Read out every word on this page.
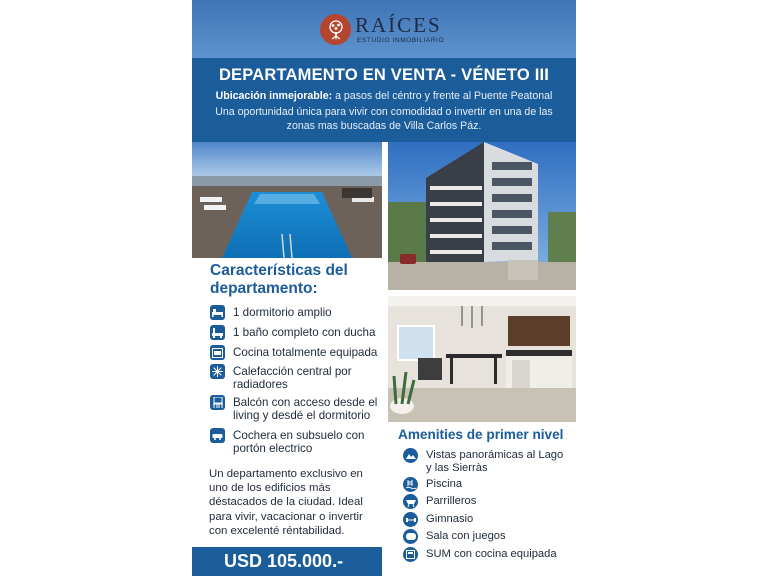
RAÍCES
ESTUDIO INMOBILIARIO
DEPARTAMENTO EN VENTA - VÉNETO III
Ubicación inmejorable: a pasos del céntro y frente al Puente Peatonal
Una oportunidad única para vivir con comodidad o invertir en una de las zonas mas buscadas de Villa Carlos Páz.
Características del departamento:
1 dormitorio amplio
1 baño completo con ducha
Cocina totalmente equipada
Calefacción central por radiadores
Balcón con acceso desde el living y desdé el dormitorio
Cochera en subsuelo con portón electrico
Un departamento exclusivo en uno de los edificios más déstacados de la ciudad. Ideal para vivir, vacacionar o invertir con excelenté réntabilidad.
USD 105.000.-
Amenities de primer nivel
Vistas panorámicas al Lago y las Sierràs
Piscina
Parrilleros
Gimnasio
Sala con juegos
SUM con cocina equipada
